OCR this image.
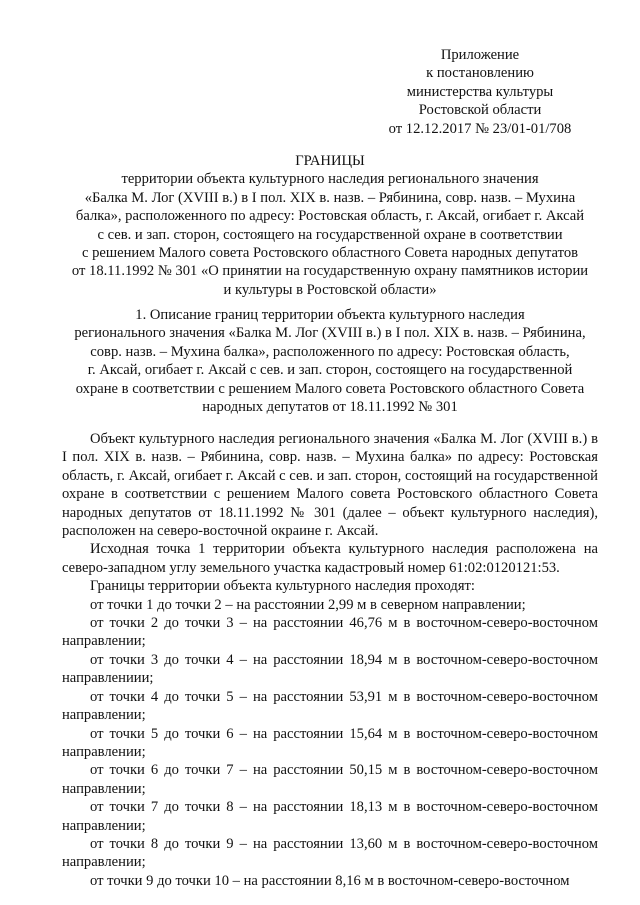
Приложение
к постановлению
министерства культуры
Ростовской области
от 12.12.2017 № 23/01-01/708
ГРАНИЦЫ
территории объекта культурного наследия регионального значения
«Балка М. Лог (XVIII в.) в I пол. XIX в. назв. – Рябинина, совр. назв. – Мухина
балка», расположенного по адресу: Ростовская область, г. Аксай, огибает г. Аксай
с сев. и зап. сторон, состоящего на государственной охране в соответствии
с решением Малого совета Ростовского областного Совета народных депутатов
от 18.11.1992 № 301 «О принятии на государственную охрану памятников истории
и культуры в Ростовской области»
1. Описание границ территории объекта культурного наследия
регионального значения «Балка М. Лог (XVIII в.) в I пол. XIX в. назв. – Рябинина,
совр. назв. – Мухина балка», расположенного по адресу: Ростовская область,
г. Аксай, огибает г. Аксай с сев. и зап. сторон, состоящего на государственной
охране в соответствии с решением Малого совета Ростовского областного Совета
народных депутатов от 18.11.1992 № 301

Объект культурного наследия регионального значения «Балка М. Лог (XVIII в.) в I пол. XIX в. назв. – Рябинина, совр. назв. – Мухина балка» по адресу: Ростовская область, г. Аксай, огибает г. Аксай с сев. и зап. сторон, состоящий на государственной охране в соответствии с решением Малого совета Ростовского областного Совета народных депутатов от 18.11.1992 № 301 (далее – объект культурного наследия), расположен на северо-восточной окраине г. Аксай.

Исходная точка 1 территории объекта культурного наследия расположена на северо-западном углу земельного участка кадастровый номер 61:02:0120121:53.

Границы территории объекта культурного наследия проходят:

от точки 1 до точки 2 – на расстоянии 2,99 м в северном направлении;

от точки 2 до точки 3 – на расстоянии 46,76 м в восточном-северо-восточном направлении;

от точки 3 до точки 4 – на расстоянии 18,94 м в восточном-северо-восточном направлениии;

от точки 4 до точки 5 – на расстоянии 53,91 м в восточном-северо-восточном направлении;

от точки 5 до точки 6 – на расстоянии 15,64 м в восточном-северо-восточном направлении;

от точки 6 до точки 7 – на расстоянии 50,15 м в восточном-северо-восточном направлении;

от точки 7 до точки 8 – на расстоянии 18,13 м в восточном-северо-восточном направлении;

от точки 8 до точки 9 – на расстоянии 13,60 м в восточном-северо-восточном направлении;

от точки 9 до точки 10 – на расстоянии 8,16 м в восточном-северо-восточном
